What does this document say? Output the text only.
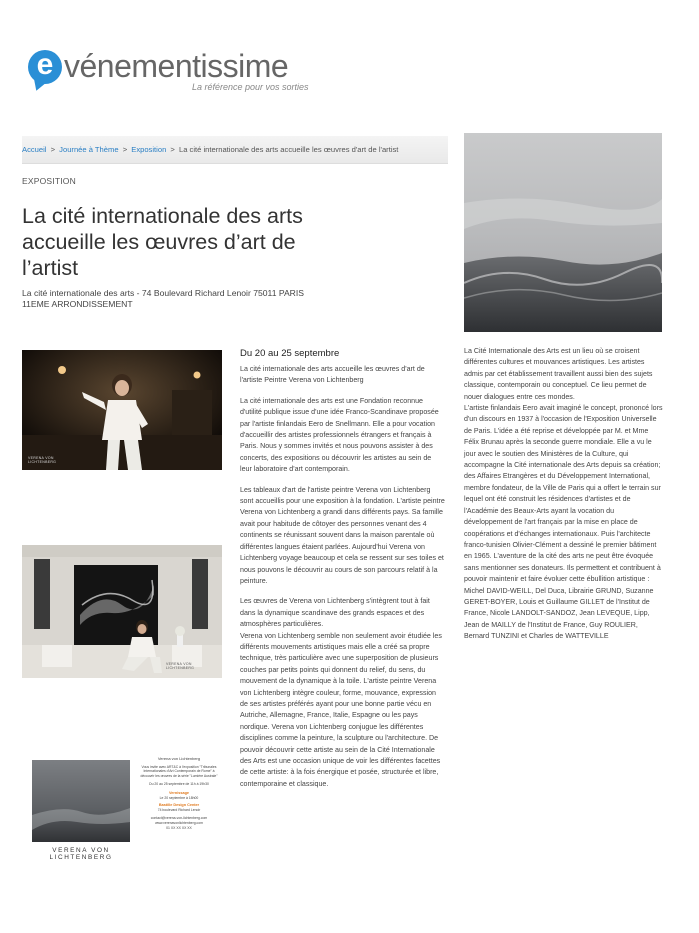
e vénementissime
La référence pour vos sorties
Accueil > Journée à Thème > Exposition > La cité internationale des arts accueille les œuvres d'art de l'artist
EXPOSITION
La cité internationale des arts accueille les œuvres d’art de l’artist
La cité internationale des arts - 74 Boulevard Richard Lenoir 75011 PARIS 11EME ARRONDISSEMENT
VERENA VON LICHTENBERG
VERENA VON LICHTENBERG
VERENA VON LICHTENBERG
Verena von Lichtenberg
Vous invite avec ART&C à l'exposition "Tribunales Internationales d'Art Contemporain de Rome" à découvrir les œuvres de la série "Lumière Australe"
Du 20 au 25 septembre de 11h à 19h30
Vernissage
Le 20 septembre à 18h00
Bastille Design Center
74 boulevard Richard Lenoir
contact@verena-von-lichtenberg.com
www.verenavonlichtenberg.com
01 XX XX XX XX
Du 20 au 25 septembre

La cité internationale des arts accueille les œuvres d'art de l'artiste Peintre Verena von Lichtenberg

La cité internationale des arts est une Fondation reconnue d'utilité publique issue d'une idée Franco-Scandinave proposée par l'artiste finlandais Eero de Snellmann. Elle a pour vocation d'accueillir des artistes professionnels étrangers et français à Paris. Nous y sommes invités et nous pouvons assister à des concerts, des expositions ou découvrir les artistes au sein de leur laboratoire d'art contemporain.

Les tableaux d'art de l'artiste peintre Verena von Lichtenberg sont accueillis pour une exposition à la fondation. L'artiste peintre Verena von Lichtenberg a grandi dans différents pays. Sa famille avait pour habitude de côtoyer des personnes venant des 4 continents se réunissant souvent dans la maison parentale où différentes langues étaient parlées. Aujourd'hui Verena von Lichtenberg voyage beaucoup et cela se ressent sur ses toiles et nous pouvons le découvrir au cours de son parcours relatif à la peinture.

Les œuvres de Verena von Lichtenberg s'intègrent tout à fait dans la dynamique scandinave des grands espaces et des atmosphères particulières.
Verena von Lichtenberg semble non seulement avoir étudiée les différents mouvements artistiques mais elle a créé sa propre technique, très particulière avec une superposition de plusieurs couches par petits points qui donnent du relief, du sens, du mouvement de la dynamique à la toile. L'artiste peintre Verena von Lichtenberg intègre couleur, forme, mouvance, expression de ses artistes préférés ayant pour une bonne partie vécu en Autriche, Allemagne, France, Italie, Espagne ou les pays nordique. Verena von Lichtenberg conjugue les différentes disciplines comme la peinture, la sculpture ou l'architecture. De pouvoir découvrir cette artiste au sein de la Cité Internationale des Arts est une occasion unique de voir les différentes facettes de cette artiste: à la fois énergique et posée, structurée et libre, contemporaine et classique.

La Cité Internationale des Arts est un lieu où se croisent différentes cultures et mouvances artistiques. Les artistes admis par cet établissement travaillent aussi bien des sujets classique, contemporain ou conceptuel. Ce lieu permet de nouer dialogues entre ces mondes.
L'artiste finlandais Eero avait imaginé le concept, prononcé lors d'un discours en 1937 à l'occasion de l'Exposition Universelle de Paris. L'idée a été reprise et développée par M. et Mme Félix Brunau après la seconde guerre mondiale. Elle a vu le jour avec le soutien des Ministères de la Culture, qui accompagne la Cité internationale des Arts depuis sa création; des Affaires Etrangères et du Développement International, membre fondateur, de la Ville de Paris qui a offert le terrain sur lequel ont été construit les résidences d'artistes et de l'Académie des Beaux-Arts ayant la vocation du développement de l'art français par la mise en place de coopérations et d'échanges internationaux. Puis l'architecte franco-tunisien Olivier-Clément a dessiné le premier bâtiment en 1965. L'aventure de la cité des arts ne peut être évoquée sans mentionner ses donateurs. Ils permettent et contribuent à pouvoir maintenir et faire évoluer cette ébullition artistique : Michel DAVID-WEILL, Del Duca, Librairie GRUND, Suzanne GERET-BOYER, Louis et Guillaume GILLET de l'Institut de France, Nicole LANDOLT-SANDOZ, Jean LEVEQUE, Lipp, Jean de MAILLY de l'Institut de France, Guy ROULIER, Bernard TUNZINI et Charles de WATTEVILLE
